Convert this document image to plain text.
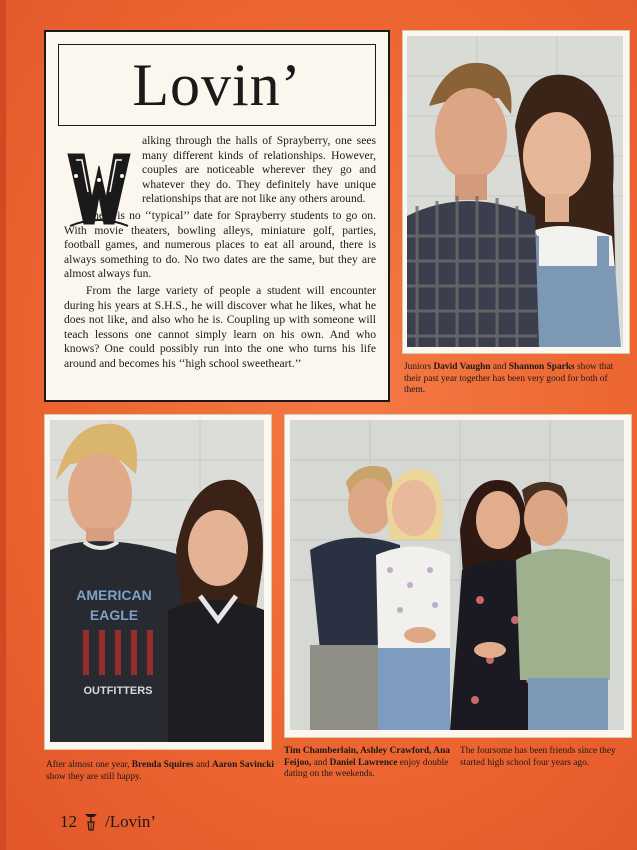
Lovin’
W

alking through the halls of Sprayberry, one sees many different kinds of relationships. However, couples are noticeable wherever they go and whatever they do. They definitely have unique relationships that are not like any others around.

There is no ‘‘typical’’ date for Sprayberry students to go on. With movie theaters, bowling alleys, miniature golf, parties, football games, and numerous places to eat all around, there is always something to do. No two dates are the same, but they are almost always fun.

From the large variety of people a student will encounter during his years at S.H.S., he will discover what he likes, what he does not like, and also who he is. Coupling up with someone will teach lessons one cannot simply learn on his own. And who knows? One could possibly run into the one who turns his life around and becomes his ‘‘high school sweetheart.’’	Juniors David Vaughn and Shannon Sparks show that their past year together has been very good for both of them.
AMERICAN
EAGLE
OUTFITTERS
After almost one year, Brenda Squires and Aaron Savincki show they are still happy.
Tim Chamberlain, Ashley Crawford, Ana Feijoo, and Daniel Lawrence enjoy double dating on the weekends.
The foursome has been friends since they started high school four years ago.
12 /Lovin’
